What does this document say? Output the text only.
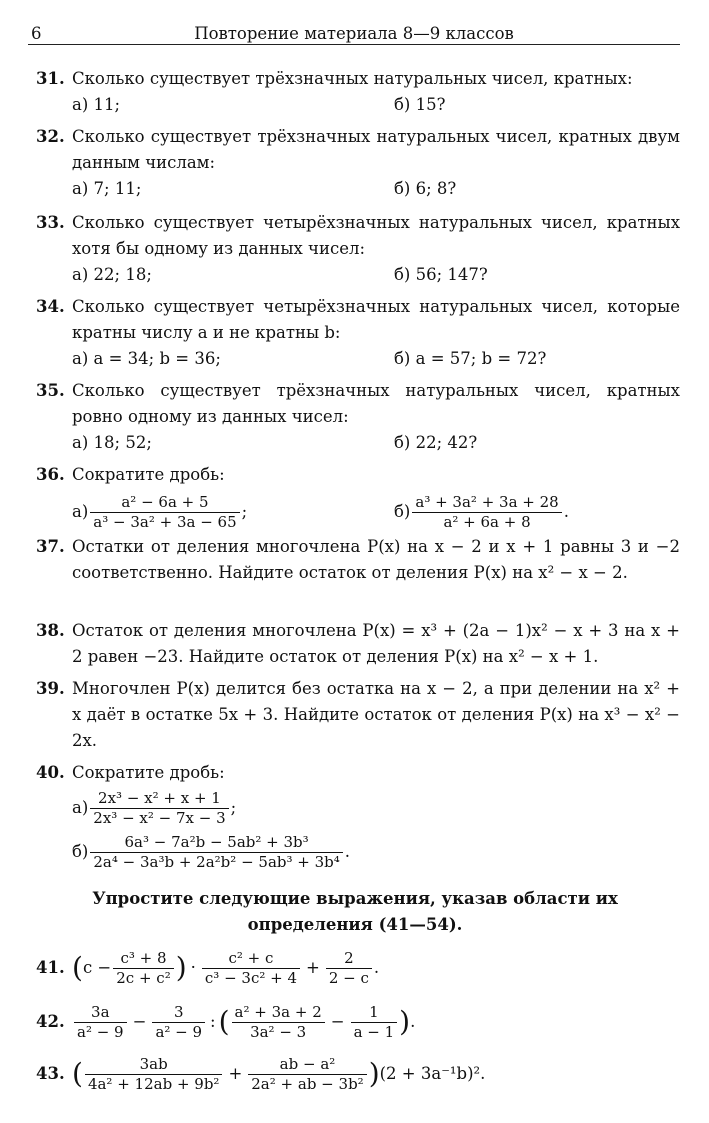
6	Повторение материала 8—9 классов
31. Сколько существует трёхзначных натуральных чисел, кратных:
а) 11;	б) 15?
32. Сколько существует трёхзначных натуральных чисел, кратных двум данным числам:
а) 7; 11;	б) 6; 8?
33. Сколько существует четырёхзначных натуральных чисел, кратных хотя бы одному из данных чисел:
а) 22; 18;	б) 56; 147?
34. Сколько существует четырёхзначных натуральных чисел, которые кратны числу a и не кратны b:
а) a = 34; b = 36;	б) a = 57; b = 72?
35. Сколько существует трёхзначных натуральных чисел, кратных ровно одному из данных чисел:
а) 18; 52;	б) 22; 42?
36. Сократите дробь:
$а) \frac{\text{a² − 6a + 5}}{\text{a³ − 3a² + 3a − 65}}$ ;	$б) \frac{\text{a³ + 3a² + 3a + 28}}{\text{a² + 6a + 8}}$ .
37. Остатки от деления многочлена P(x) на x − 2 и x + 1 равны 3 и −2 соответственно. Найдите остаток от деления P(x) на x² − x − 2.
38. Остаток от деления многочлена P(x) = x³ + (2a − 1)x² − x + 3 на x + 2 равен −23. Найдите остаток от деления P(x) на x² − x + 1.
39. Многочлен P(x) делится без остатка на x − 2, а при делении на x² + x даёт в остатке 5x + 3. Найдите остаток от деления P(x) на x³ − x² − 2x.
40. Сократите дробь:
$а) \frac{\text{2x³ − x² + x + 1}}{\text{2x³ − x² − 7x − 3}}$ ;
$б) \frac{\text{6a³ − 7a²b − 5ab² + 3b³}}{\text{2a⁴ − 3a³b + 2a²b² − 5ab³ + 3b⁴}}$ .
Упростите следующие выражения, указав области их определения (41—54).
41. ( $c - \frac{\text{c³ + 8}}{\text{2c + c²}}$ ) · $\frac{\text{c² + c}}{\text{c³ − 3c² + 4}} + \frac{2}{2 - c}$ .
42. $\frac{3a}{\text{a² − 9}} - \frac{3}{\text{a² − 9}}$ : ( $\frac{\text{a² + 3a + 2}}{\text{3a² − 3}} - \frac{1}{a - 1}$ ) .
43. ( $\frac{3ab}{\text{4a² + 12ab + 9b²}} + \frac{\text{ab − a²}}{\text{2a² + ab − 3b²}}$ ) (2 + 3a⁻¹b)².
